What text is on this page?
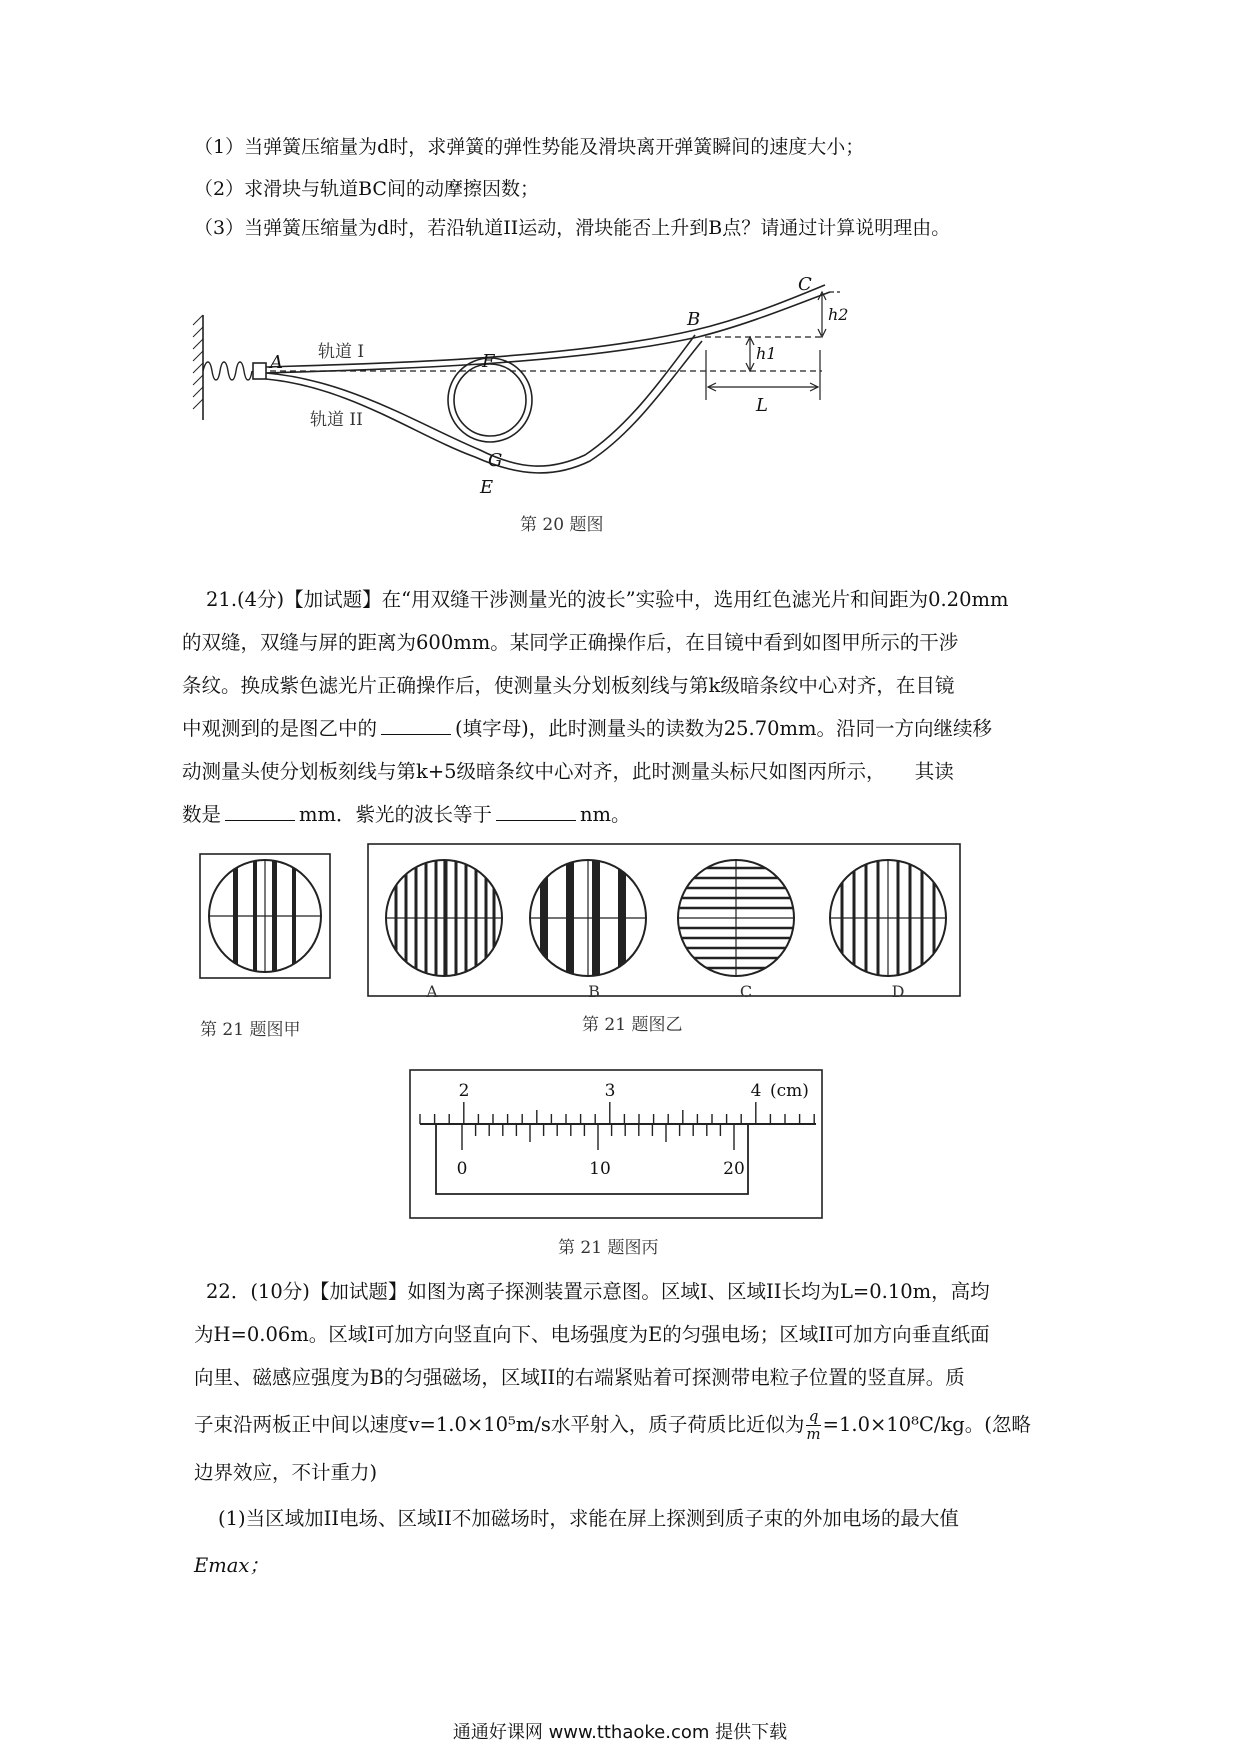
（1）当弹簧压缩量为d时，求弹簧的弹性势能及滑块离开弹簧瞬间的速度大小；
（2）求滑块与轨道BC间的动摩擦因数；
（3）当弹簧压缩量为d时，若沿轨道II运动，滑块能否上升到B点？请通过计算说明理由。
A
B
C
E
F
G
h1
h2
L
轨道 I
轨道 II
第 20 题图
21.(4分)【加试题】在“用双缝干涉测量光的波长”实验中，选用红色滤光片和间距为0.20mm
的双缝，双缝与屏的距离为600mm。某同学正确操作后，在目镜中看到如图甲所示的干涉
条纹。换成紫色滤光片正确操作后，使测量头分划板刻线与第k级暗条纹中心对齐，在目镜
中观测到的是图乙中的	(填字母)，此时测量头的读数为25.70mm。沿同一方向继续移
动测量头使分划板刻线与第k+5级暗条纹中心对齐，此时测量头标尺如图丙所示，　　其读
数是	mm．紫光的波长等于	nm。
第 21 题图甲
A	B	C	D
第 21 题图乙
2	3	4 (cm)
0	10	20
第 21 题图丙
22．(10分)【加试题】如图为离子探测装置示意图。区域I、区域II长均为L=0.10m，高均
为H=0.06m。区域I可加方向竖直向下、电场强度为E的匀强电场；区域II可加方向垂直纸面
向里、磁感应强度为B的匀强磁场，区域II的右端紧贴着可探测带电粒子位置的竖直屏。质
子束沿两板正中间以速度v=1.0×10⁵m/s水平射入，质子荷质比近似为 $\frac{q}{m} =1.0\times 10^8C/kg$。(忽略
边界效应，不计重力)
(1)当区域加II电场、区域II不加磁场时，求能在屏上探测到质子束的外加电场的最大值
Emax；
通通好课网 www.tthaoke.com 提供下载
